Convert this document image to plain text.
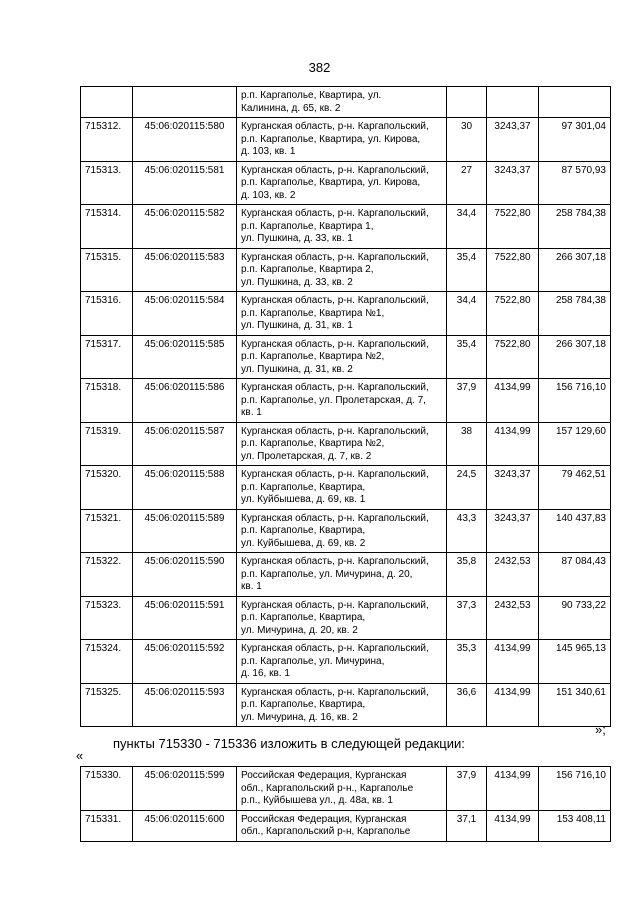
382

		р.п. Каргаполье, Квартира, ул.
Калинина, д. 65, кв. 2			

715312.	45:06:020115:580	Курганская область, р-н. Каргапольский,
р.п. Каргаполье, Квартира, ул. Кирова,
д. 103, кв. 1	30	3243,37	97 301,04
715313.	45:06:020115:581	Курганская область, р-н. Каргапольский,
р.п. Каргаполье, Квартира, ул. Кирова,
д. 103, кв. 2	27	3243,37	87 570,93
715314.	45:06:020115:582	Курганская область, р-н. Каргапольский,
р.п. Каргаполье, Квартира 1,
ул. Пушкина, д. 33, кв. 1	34,4	7522,80	258 784,38
715315.	45:06:020115:583	Курганская область, р-н. Каргапольский,
р.п. Каргаполье, Квартира 2,
ул. Пушкина, д. 33, кв. 2	35,4	7522,80	266 307,18
715316.	45:06:020115:584	Курганская область, р-н. Каргапольский,
р.п. Каргаполье, Квартира №1,
ул. Пушкина, д. 31, кв. 1	34,4	7522,80	258 784,38
715317.	45:06:020115:585	Курганская область, р-н. Каргапольский,
р.п. Каргаполье, Квартира №2,
ул. Пушкина, д. 31, кв. 2	35,4	7522,80	266 307,18
715318.	45:06:020115:586	Курганская область, р-н. Каргапольский,
р.п. Каргаполье, ул. Пролетарская, д. 7,
кв. 1	37,9	4134,99	156 716,10
715319.	45:06:020115:587	Курганская область, р-н. Каргапольский,
р.п. Каргаполье, Квартира №2,
ул. Пролетарская, д. 7, кв. 2	38	4134,99	157 129,60
715320.	45:06:020115:588	Курганская область, р-н. Каргапольский,
р.п. Каргаполье, Квартира,
ул. Куйбышева, д. 69, кв. 1	24,5	3243,37	79 462,51
715321.	45:06:020115:589	Курганская область, р-н. Каргапольский,
р.п. Каргаполье, Квартира,
ул. Куйбышева, д. 69, кв. 2	43,3	3243,37	140 437,83
715322.	45:06:020115:590	Курганская область, р-н. Каргапольский,
р.п. Каргаполье, ул. Мичурина, д. 20,
кв. 1	35,8	2432,53	87 084,43
715323.	45:06:020115:591	Курганская область, р-н. Каргапольский,
р.п. Каргаполье, Квартира,
ул. Мичурина, д. 20, кв. 2	37,3	2432,53	90 733,22
715324.	45:06:020115:592	Курганская область, р-н. Каргапольский,
р.п. Каргаполье, ул. Мичурина,
д. 16, кв. 1	35,3	4134,99	145 965,13
715325.	45:06:020115:593	Курганская область, р-н. Каргапольский,
р.п. Каргаполье, Квартира,
ул. Мичурина, д. 16, кв. 2	36,6	4134,99	151 340,61
»;
пункты 715330 - 715336 изложить в следующей редакции:
«
715330.	45:06:020115:599	Российская Федерация, Курганская
обл., Каргапольский р-н., Каргаполье
р.п., Куйбышева ул., д. 48а, кв. 1	37,9	4134,99	156 716,10
715331.	45:06:020115:600	Российская Федерация, Курганская
обл., Каргапольский р-н, Каргаполье	37,1	4134,99	153 408,11
